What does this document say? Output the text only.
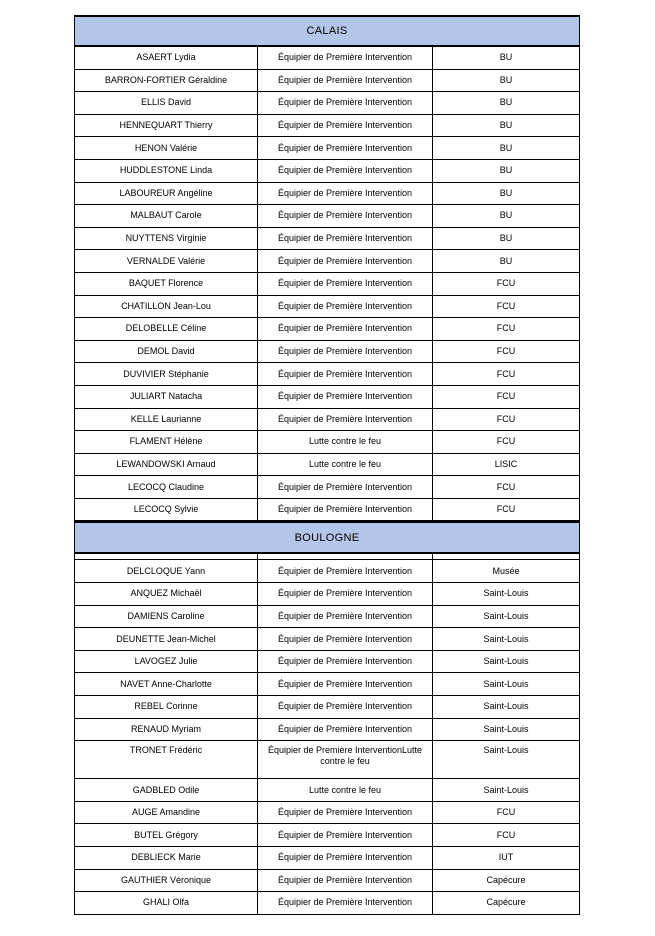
CALAIS
ASAERT Lydia	Équipier de Première Intervention	BU
BARRON-FORTIER Géraldine	Équipier de Première Intervention	BU
ELLIS David	Équipier de Première Intervention	BU
HENNEQUART Thierry	Équipier de Première Intervention	BU
HENON Valérie	Équipier de Première Intervention	BU
HUDDLESTONE Linda	Équipier de Première Intervention	BU
LABOUREUR Angéline	Équipier de Première Intervention	BU
MALBAUT Carole	Équipier de Première Intervention	BU
NUYTTENS Virginie	Équipier de Première Intervention	BU
VERNALDE Valérie	Équipier de Première Intervention	BU
BAQUET Florence	Équipier de Première Intervention	FCU
CHATILLON Jean-Lou	Équipier de Première Intervention	FCU
DELOBELLE Céline	Équipier de Première Intervention	FCU
DEMOL David	Équipier de Première Intervention	FCU
DUVIVIER Stéphanie	Équipier de Première Intervention	FCU
JULIART Natacha	Équipier de Première Intervention	FCU
KELLE Laurianne	Équipier de Première Intervention	FCU
FLAMENT Hélène	Lutte contre le feu	FCU
LEWANDOWSKI Arnaud	Lutte contre le feu	LISIC
LECOCQ Claudine	Équipier de Première Intervention	FCU
LECOCQ Sylvie	Équipier de Première Intervention	FCU
BOULOGNE

DELCLOQUE Yann	Équipier de Première Intervention	Musée
ANQUEZ Michaël	Équipier de Première Intervention	Saint-Louis
DAMIENS Caroline	Équipier de Première Intervention	Saint-Louis
DEUNETTE Jean-Michel	Équipier de Première Intervention	Saint-Louis
LAVOGEZ Julie	Équipier de Première Intervention	Saint-Louis
NAVET Anne-Charlotte	Équipier de Première Intervention	Saint-Louis
REBEL Corinne	Équipier de Première Intervention	Saint-Louis
RENAUD Myriam	Équipier de Première Intervention	Saint-Louis
TRONET Frédéric	Équipier de Première InterventionLutte contre le feu	Saint-Louis
GADBLED Odile	Lutte contre le feu	Saint-Louis
AUGE Amandine	Équipier de Première Intervention	FCU
BUTEL Grégory	Équipier de Première Intervention	FCU
DEBLIECK Marie	Équipier de Première Intervention	IUT
GAUTHIER Véronique	Équipier de Première Intervention	Capécure
GHALI Olfa	Équipier de Première Intervention	Capécure
